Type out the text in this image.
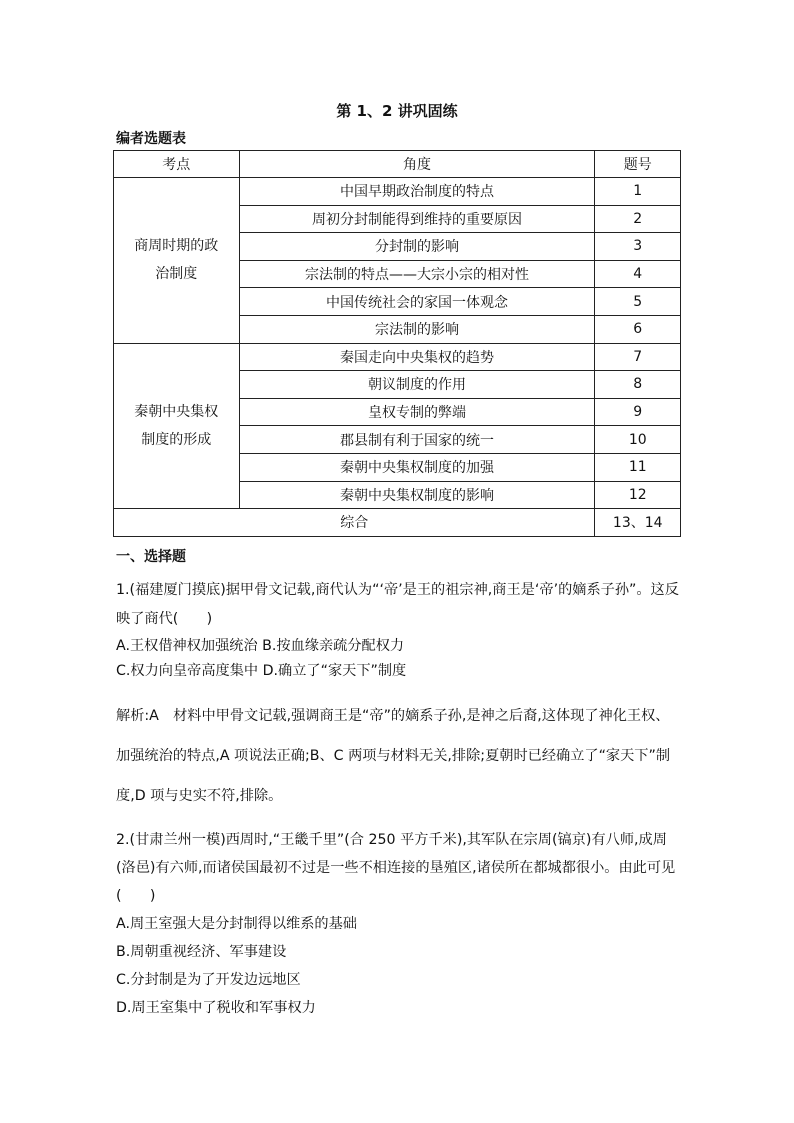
第 1、2 讲巩固练
编者选题表
考点	角度	题号

商周时期的政治制度	中国早期政治制度的特点	1
	周初分封制能得到维持的重要原因	2
	分封制的影响	3
	宗法制的特点——大宗小宗的相对性	4
	中国传统社会的家国一体观念	5
	宗法制的影响	6

秦朝中央集权制度的形成	秦国走向中央集权的趋势	7
	朝议制度的作用	8
	皇权专制的弊端	9
	郡县制有利于国家的统一	10
	秦朝中央集权制度的加强	11
	秦朝中央集权制度的影响	12
综合		13、14
一、选择题

1.(福建厦门摸底)据甲骨文记载,商代认为“‘帝’是王的祖宗神,商王是‘帝’的嫡系子孙”。这反映了商代(　　)

A.王权借神权加强统治 B.按血缘亲疏分配权力

C.权力向皇帝高度集中 D.确立了“家天下”制度

解析:A　 材料中甲骨文记载,强调商王是“帝”的嫡系子孙,是神之后裔,这体现了神化王权、加强统治的特点,A 项说法正确;B、C 两项与材料无关,排除;夏朝时已经确立了“家天下”制度,D 项与史实不符,排除。

2.(甘肃兰州一模)西周时,“王畿千里”(合 250 平方千米),其军队在宗周(镐京)有八师,成周(洛邑)有六师,而诸侯国最初不过是一些不相连接的垦殖区,诸侯所在都城都很小。由此可见(　　)

A.周王室强大是分封制得以维系的基础

B.周朝重视经济、军事建设

C.分封制是为了开发边远地区

D.周王室集中了税收和军事权力
